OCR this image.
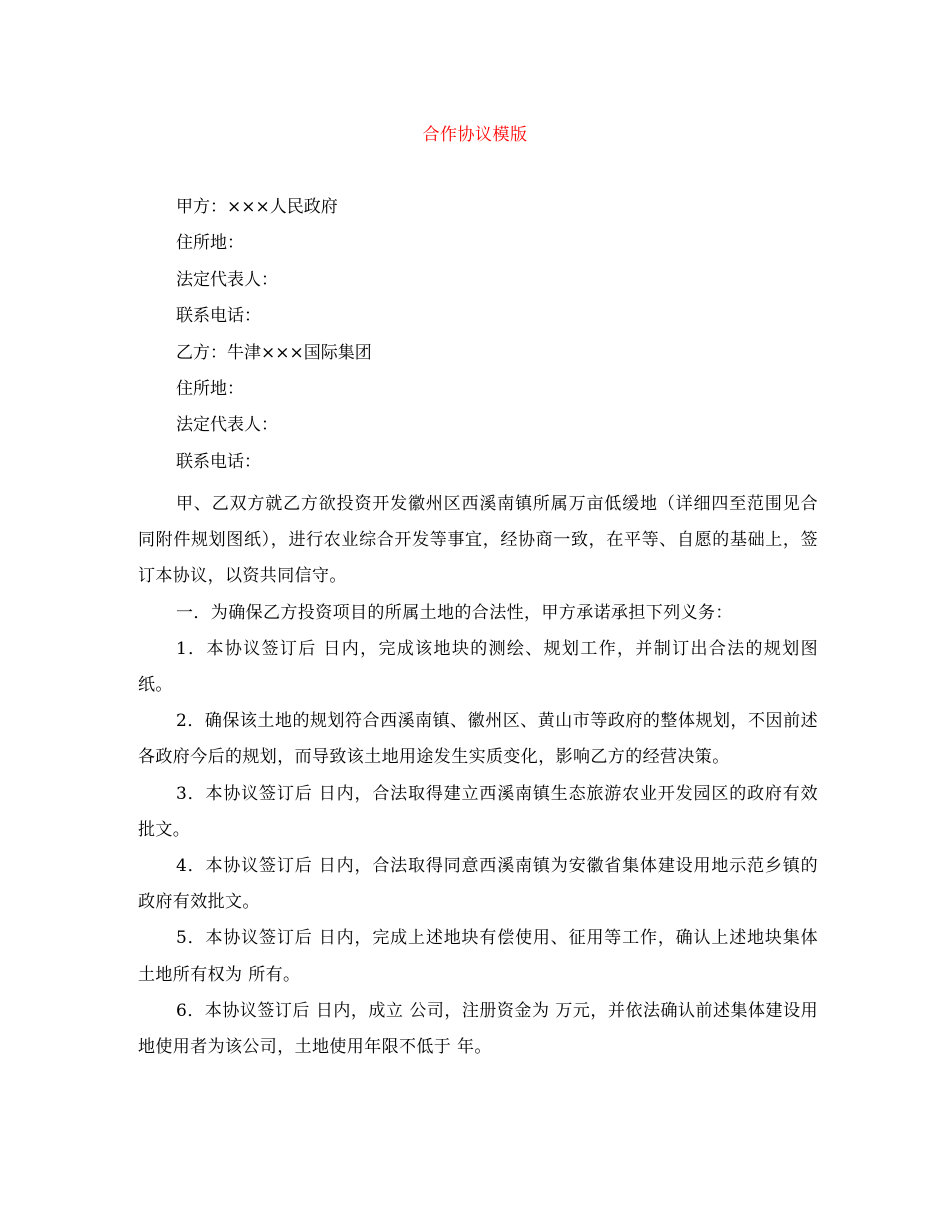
合作协议模版
甲方：×××人民政府
住所地：
法定代表人：
联系电话：
乙方：牛津×××国际集团
住所地：
法定代表人：
联系电话：

甲、乙双方就乙方欲投资开发徽州区西溪南镇所属万亩低缓地（详细四至范围见合同附件规划图纸），进行农业综合开发等事宜，经协商一致，在平等、自愿的基础上，签订本协议，以资共同信守。

一．为确保乙方投资项目的所属土地的合法性，甲方承诺承担下列义务：

1．本协议签订后 日内，完成该地块的测绘、规划工作，并制订出合法的规划图纸。

2．确保该土地的规划符合西溪南镇、徽州区、黄山市等政府的整体规划，不因前述各政府今后的规划，而导致该土地用途发生实质变化，影响乙方的经营决策。

3．本协议签订后 日内，合法取得建立西溪南镇生态旅游农业开发园区的政府有效批文。

4．本协议签订后 日内，合法取得同意西溪南镇为安徽省集体建设用地示范乡镇的政府有效批文。

5．本协议签订后 日内，完成上述地块有偿使用、征用等工作，确认上述地块集体土地所有权为 所有。

6．本协议签订后 日内，成立 公司，注册资金为 万元，并依法确认前述集体建设用地使用者为该公司，土地使用年限不低于 年。
